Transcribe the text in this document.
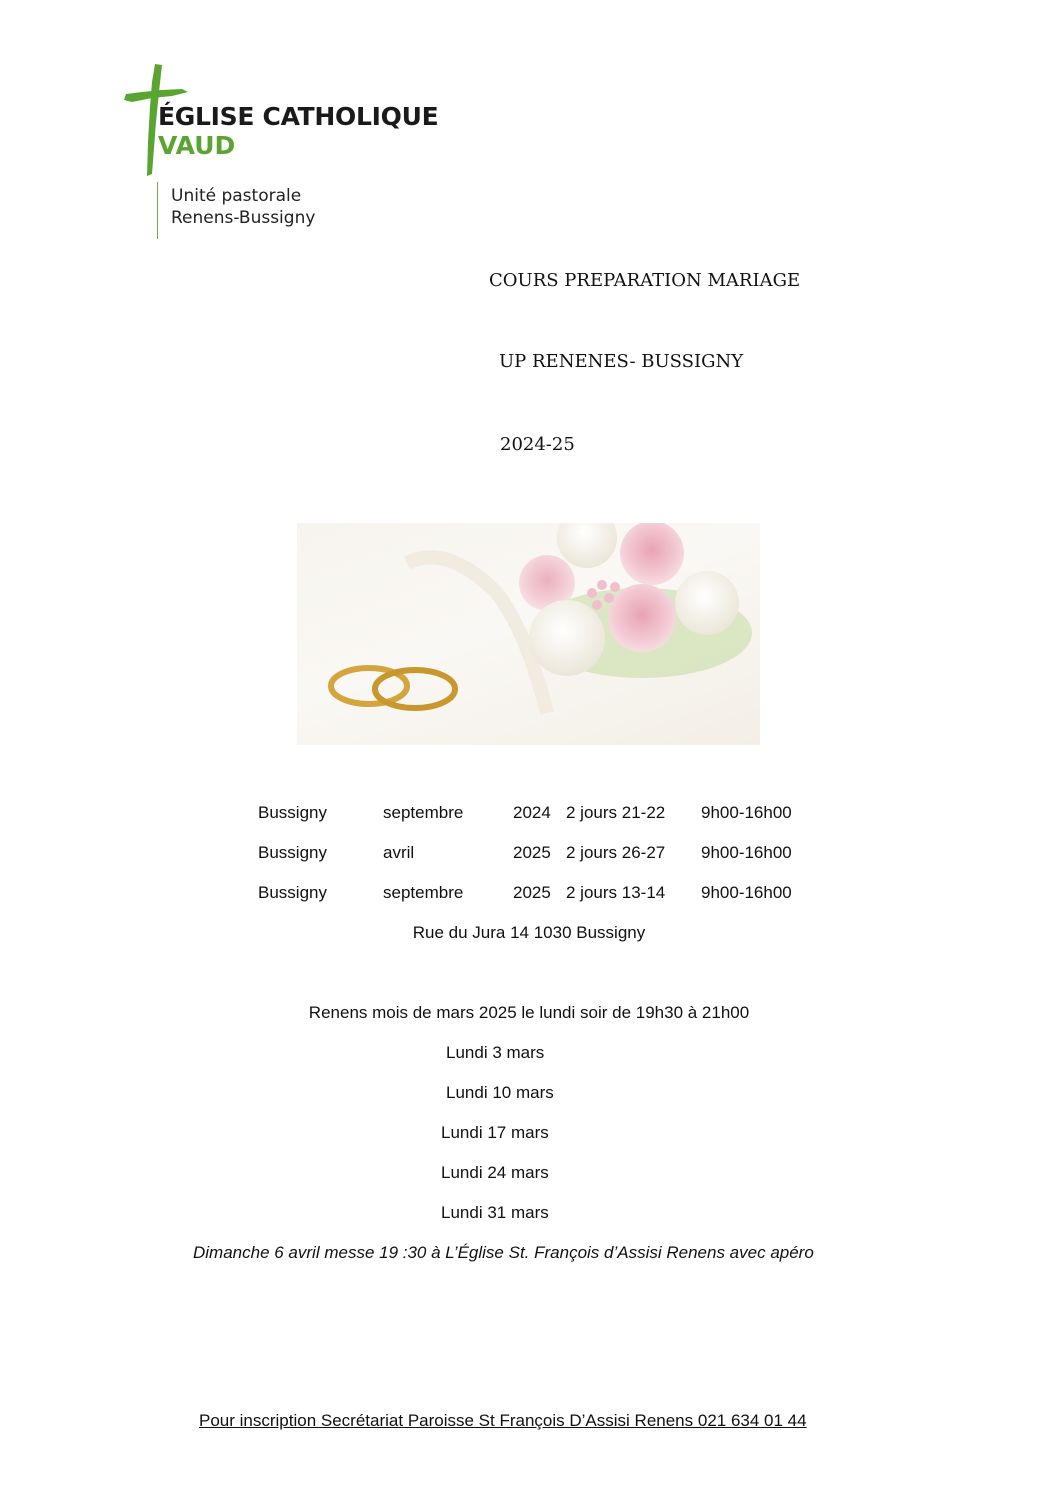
ÉGLISE CATHOLIQUE
VAUD
Unité pastorale
Renens-Bussigny
COURS PREPARATION MARIAGE
UP RENENES- BUSSIGNY
2024-25
Bussigny	septembre	2024 2 jours 21-22 9h00-16h00
Bussigny	avril	2025 2 jours 26-27 9h00-16h00
Bussigny	septembre	2025 2 jours 13-14 9h00-16h00
Rue du Jura 14 1030 Bussigny
Renens mois de mars 2025 le lundi soir de 19h30 à 21h00
Lundi 3 mars
Lundi 10 mars
Lundi 17 mars
Lundi 24 mars
Lundi 31 mars
Dimanche 6 avril messe 19 :30 à L’Église St. François d’Assisi Renens avec apéro
Pour inscription Secrétariat Paroisse St François D’Assisi Renens 021 634 01 44
